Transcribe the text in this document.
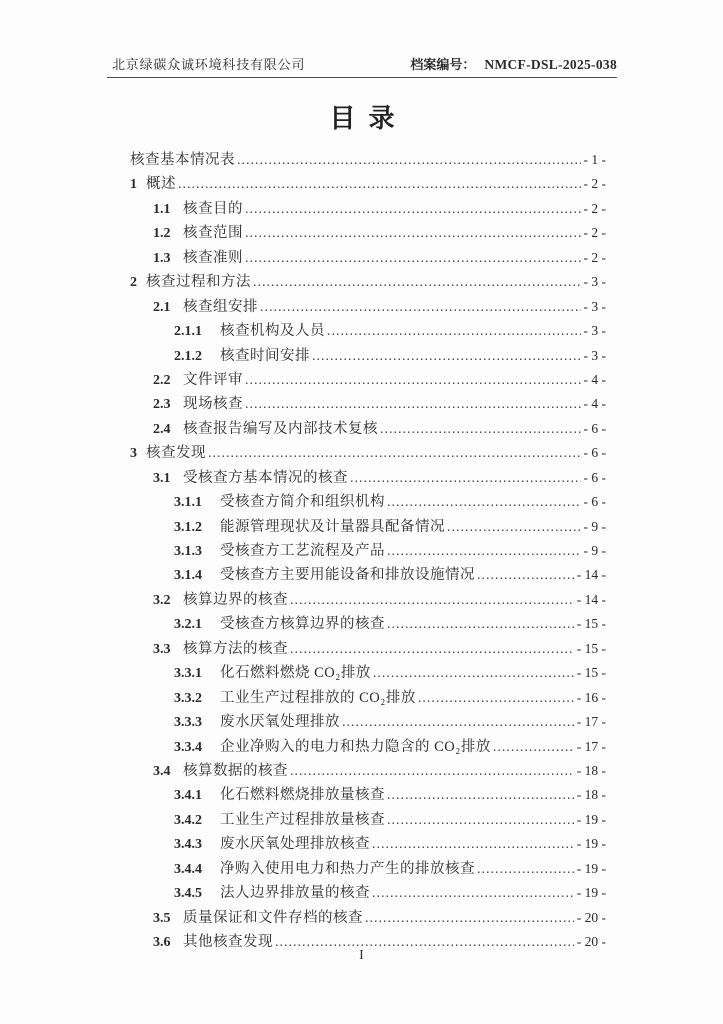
北京绿碳众诚环境科技有限公司	档案编号： NMCF-DSL-2025-038
目录
核查基本情况表 .....	- 1 -
1 概述 .....	- 2 -
1.1 核查目的 .....	- 2 -
1.2 核查范围 .....	- 2 -
1.3 核查准则 .....	- 2 -
2 核查过程和方法 .....	- 3 -
2.1 核查组安排 .....	- 3 -
2.1.1	核查机构及人员 .....	- 3 -
2.1.2	核查时间安排 .....	- 3 -
2.2 文件评审 .....	- 4 -
2.3 现场核查 .....	- 4 -
2.4 核查报告编写及内部技术复核 .....	- 6 -
3 核查发现 .....	- 6 -
3.1 受核查方基本情况的核查 .....	- 6 -
3.1.1	受核查方简介和组织机构 .....	- 6 -
3.1.2	能源管理现状及计量器具配备情况 .....	- 9 -
3.1.3	受核查方工艺流程及产品 .....	- 9 -
3.1.4	受核查方主要用能设备和排放设施情况 .....	- 14 -
3.2 核算边界的核查 .....	- 14 -
3.2.1	受核查方核算边界的核查 .....	- 15 -
3.3 核算方法的核查 .....	- 15 -
3.3.1	化石燃料燃烧 CO₂排放 .....	- 15 -
3.3.2	工业生产过程排放的 CO₂排放 .....	- 16 -
3.3.3	废水厌氧处理排放 .....	- 17 -
3.3.4	企业净购入的电力和热力隐含的 CO₂排放 .....	- 17 -
3.4 核算数据的核查 .....	- 18 -
3.4.1	化石燃料燃烧排放量核查 .....	- 18 -
3.4.2	工业生产过程排放量核查 .....	- 19 -
3.4.3	废水厌氧处理排放核查 .....	- 19 -
3.4.4	净购入使用电力和热力产生的排放核查 .....	- 19 -
3.4.5	法人边界排放量的核查 .....	- 19 -
3.5 质量保证和文件存档的核查 .....	- 20 -
3.6 其他核查发现 .....	- 20 -
I
